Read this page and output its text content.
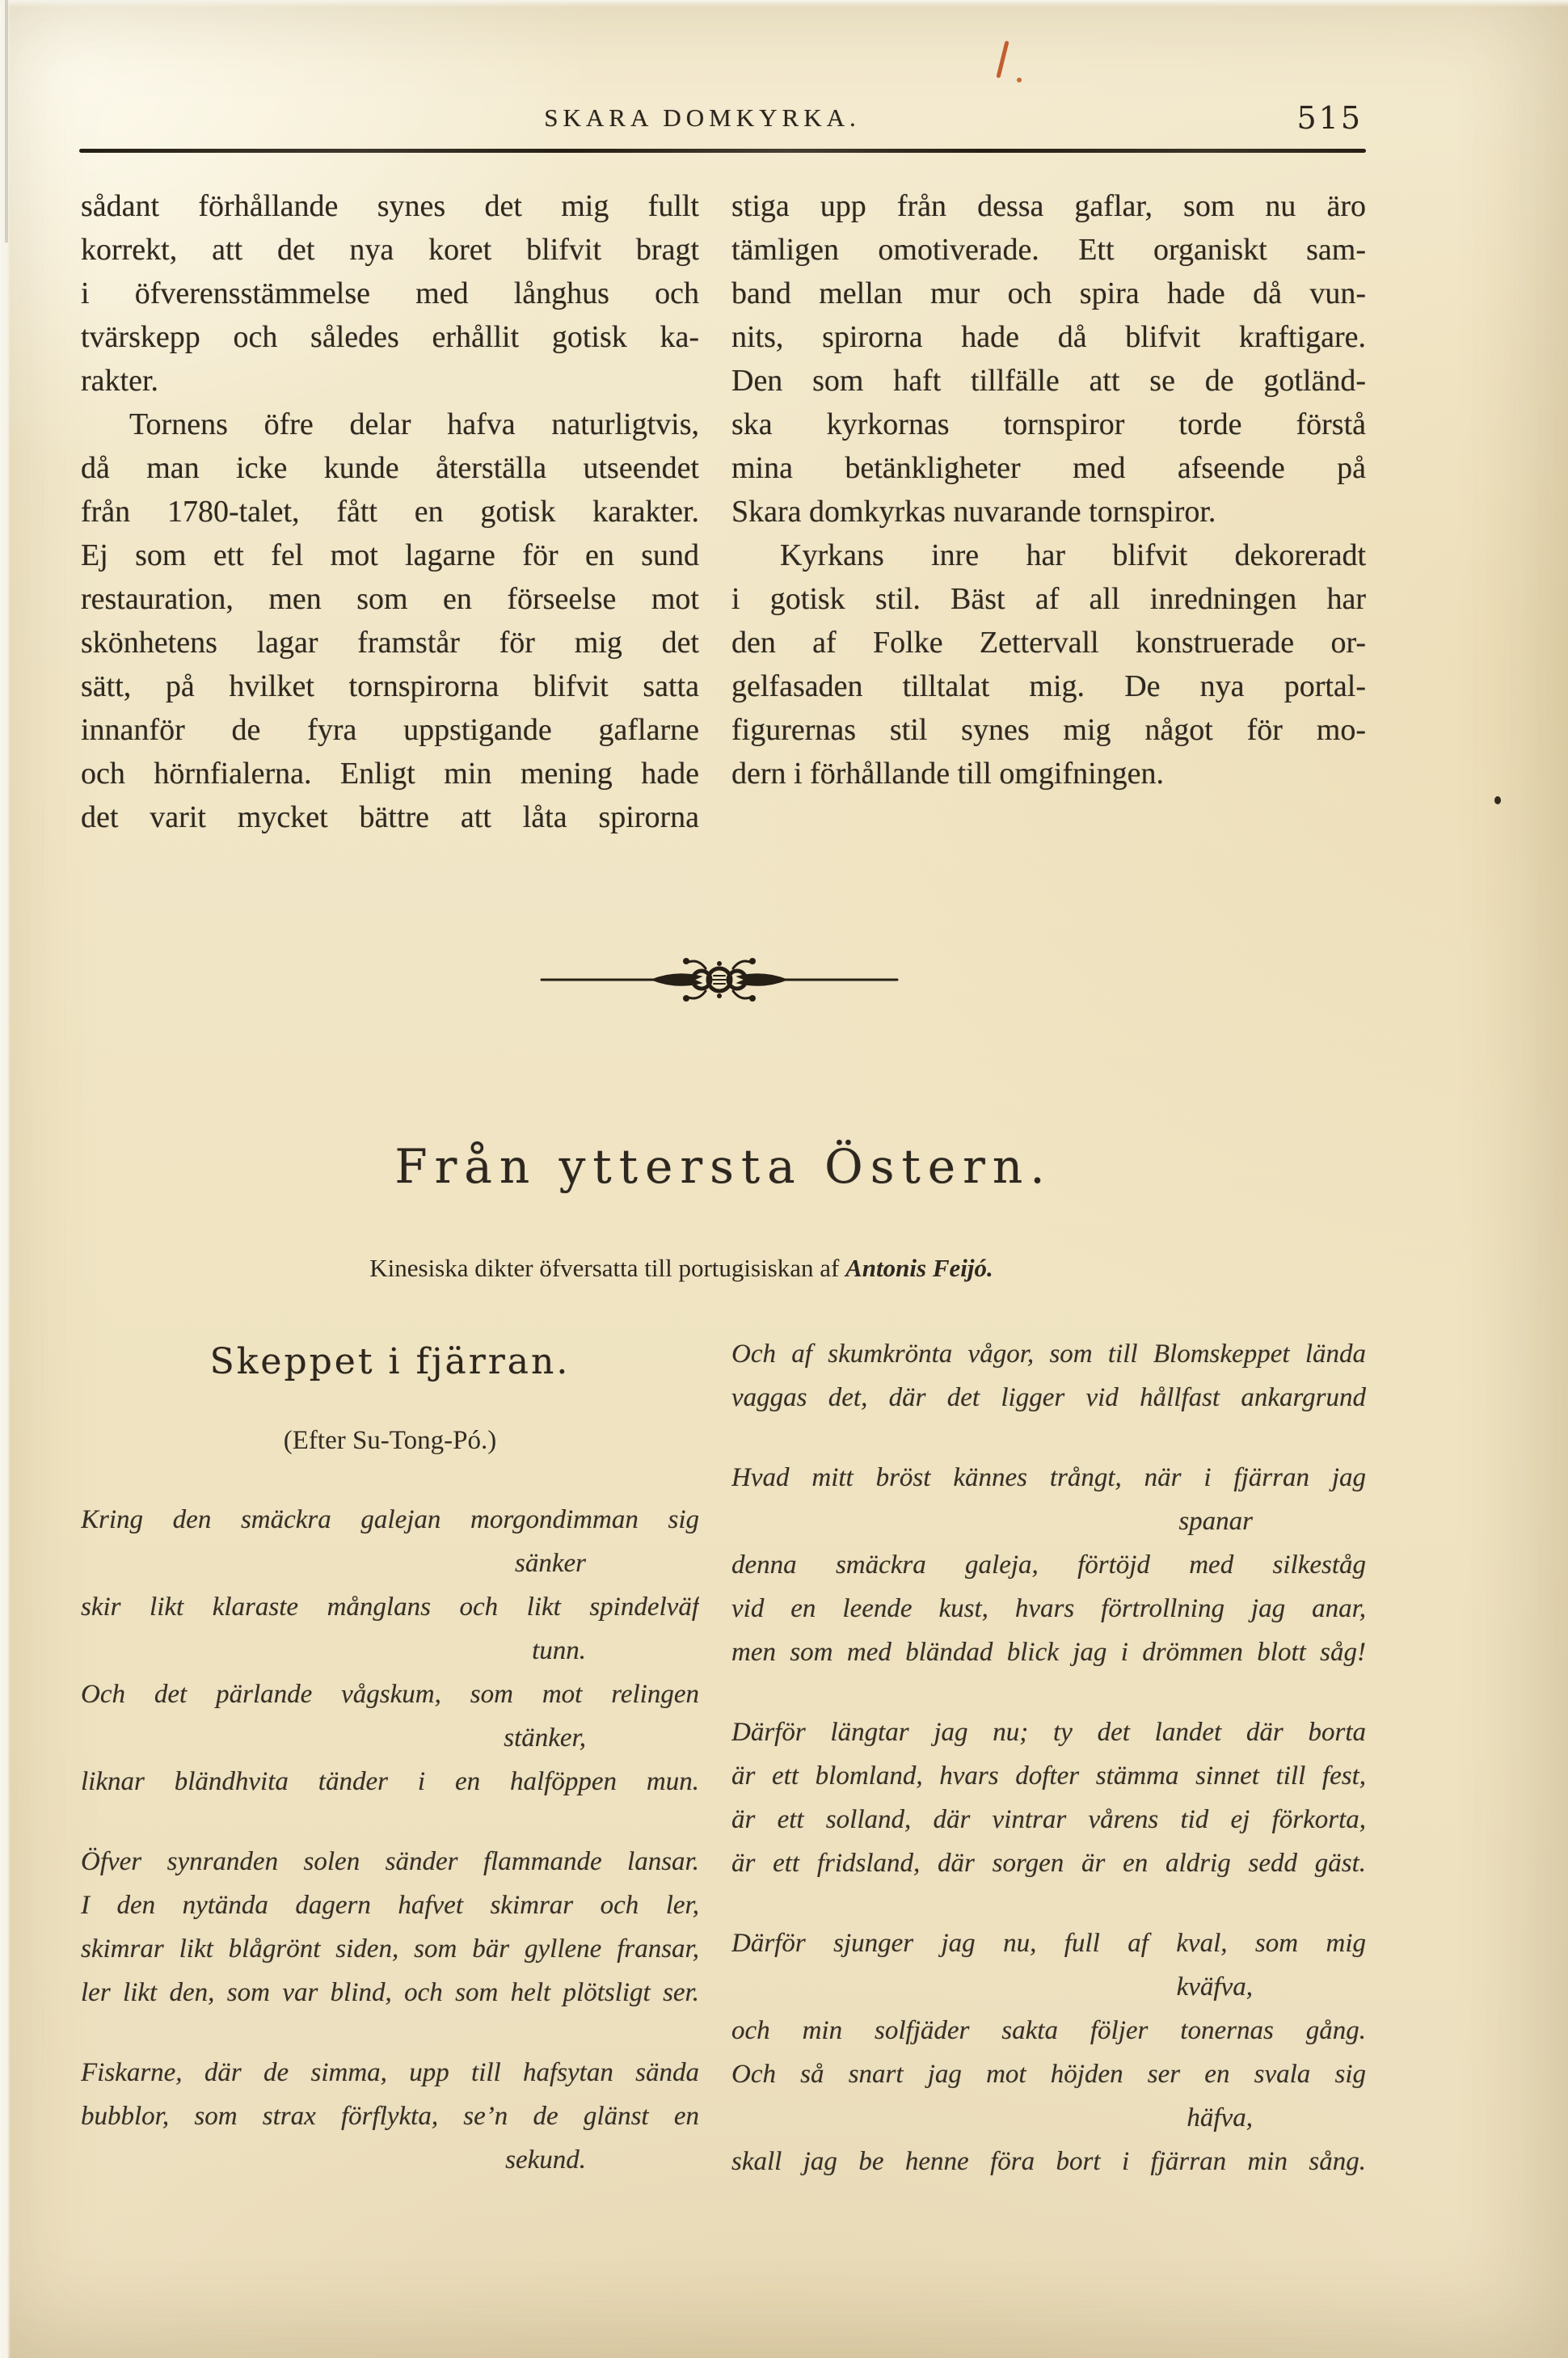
SKARA DOMKYRKA.	515
sådant förhållande synes det mig fullt
korrekt, att det nya koret blifvit bragt
i öfverensstämmelse med långhus och
tvärskepp och således erhållit gotisk ka-
rakter.
Tornens öfre delar hafva naturligtvis,
då man icke kunde återställa utseendet
från 1780-talet, fått en gotisk karakter.
Ej som ett fel mot lagarne för en sund
restauration, men som en förseelse mot
skönhetens lagar framstår för mig det
sätt, på hvilket tornspirorna blifvit satta
innanför de fyra uppstigande gaflarne
och hörnfialerna. Enligt min mening hade
det varit mycket bättre att låta spirorna
stiga upp från dessa gaflar, som nu äro
tämligen omotiverade. Ett organiskt sam-
band mellan mur och spira hade då vun-
nits, spirorna hade då blifvit kraftigare.
Den som haft tillfälle att se de gotländ-
ska kyrkornas tornspiror torde förstå
mina betänkligheter med afseende på
Skara domkyrkas nuvarande tornspiror.
Kyrkans inre har blifvit dekoreradt
i gotisk stil. Bäst af all inredningen har
den af Folke Zettervall konstruerade or-
gelfasaden tilltalat mig. De nya portal-
figurernas stil synes mig något för mo-
dern i förhållande till omgifningen.
Från yttersta Östern.
Kinesiska dikter öfversatta till portugisiskan af Antonis Feijó.
Skeppet i fjärran.
(Efter Su-Tong-Pó.)
Kring den smäckra galejan morgondimman sig
sänker
skir likt klaraste månglans och likt spindelväf
tunn.
Och det pärlande vågskum, som mot relingen
stänker,
liknar bländhvita tänder i en halföppen mun.
Öfver synranden solen sänder flammande lansar.
I den nytända dagern hafvet skimrar och ler,
skimrar likt blågrönt siden, som bär gyllene fransar,
ler likt den, som var blind, och som helt plötsligt ser.
Fiskarne, där de simma, upp till hafsytan sända
bubblor, som strax förflykta, se’n de glänst en
sekund.
Och af skumkrönta vågor, som till Blomskeppet lända
vaggas det, där det ligger vid hållfast ankargrund
Hvad mitt bröst kännes trångt, när i fjärran jag
spanar
denna smäckra galeja, förtöjd med silkeståg
vid en leende kust, hvars förtrollning jag anar,
men som med bländad blick jag i drömmen blott såg!
Därför längtar jag nu; ty det landet där borta
är ett blomland, hvars dofter stämma sinnet till fest,
är ett solland, där vintrar vårens tid ej förkorta,
är ett fridsland, där sorgen är en aldrig sedd gäst.
Därför sjunger jag nu, full af kval, som mig
kväfva,
och min solfjäder sakta följer tonernas gång.
Och så snart jag mot höjden ser en svala sig
häfva,
skall jag be henne föra bort i fjärran min sång.
